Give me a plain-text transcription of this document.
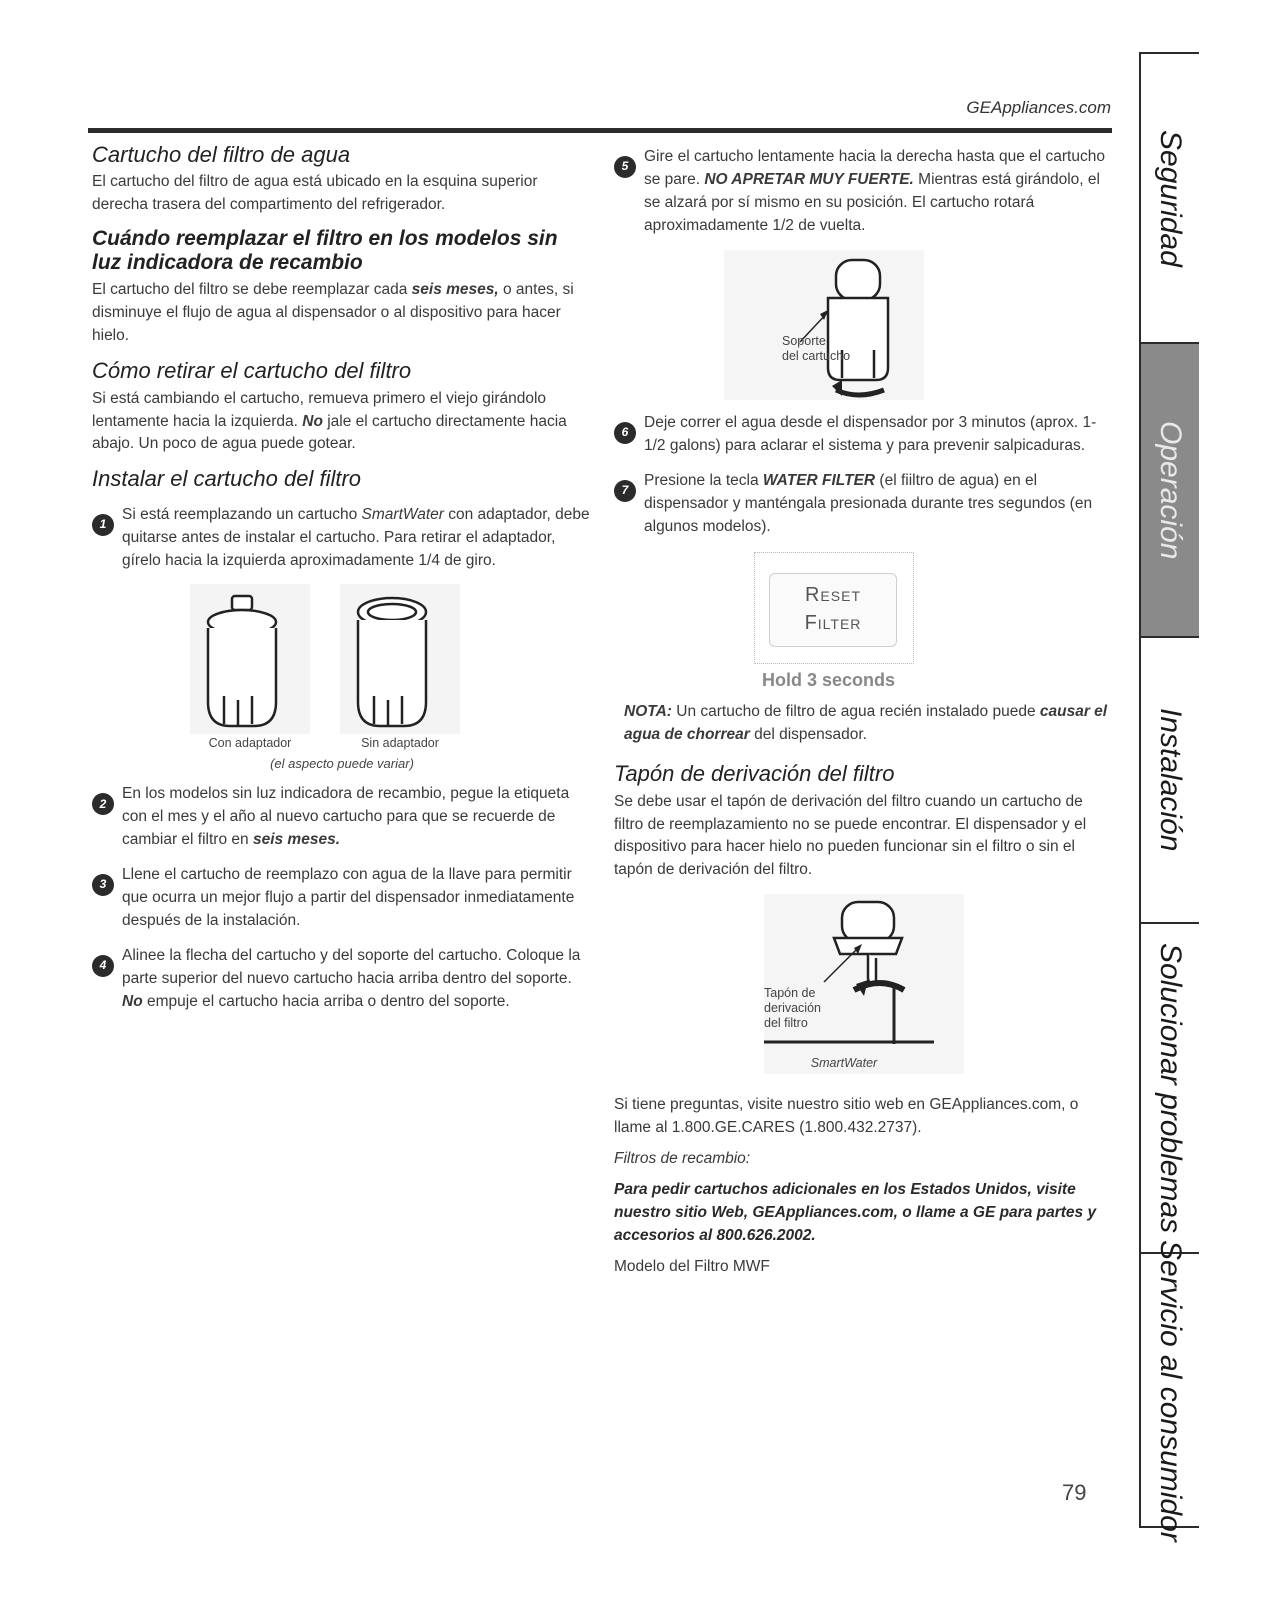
GEAppliances.com
Cartucho del filtro de agua

El cartucho del filtro de agua está ubicado en la esquina superior derecha trasera del compartimento del refrigerador.

Cuándo reemplazar el filtro en los modelos sin luz indicadora de recambio

El cartucho del filtro se debe reemplazar cada seis meses, o antes, si disminuye el flujo de agua al dispensador o al dispositivo para hacer hielo.

Cómo retirar el cartucho del filtro

Si está cambiando el cartucho, remueva primero el viejo girándolo lentamente hacia la izquierda. No jale el cartucho directamente hacia abajo. Un poco de agua puede gotear.

Instalar el cartucho del filtro
1
Si está reemplazando un cartucho SmartWater con adaptador, debe quitarse antes de instalar el cartucho. Para retirar el adaptador, gírelo hacia la izquierda aproximadamente 1/4 de giro.
Con adaptador	Sin adaptador
(el aspecto puede variar)
2
En los modelos sin luz indicadora de recambio, pegue la etiqueta con el mes y el año al nuevo cartucho para que se recuerde de cambiar el filtro en seis meses.
3
Llene el cartucho de reemplazo con agua de la llave para permitir que ocurra un mejor flujo a partir del dispensador inmediatamente después de la instalación.
4
Alinee la flecha del cartucho y del soporte del cartucho. Coloque la parte superior del nuevo cartucho hacia arriba dentro del soporte. No empuje el cartucho hacia arriba o dentro del soporte.
5
Gire el cartucho lentamente hacia la derecha hasta que el cartucho se pare. NO APRETAR MUY FUERTE. Mientras está girándolo, el se alzará por sí mismo en su posición. El cartucho rotará aproximadamente 1/2 de vuelta.
Soporte
del cartucho
6
Deje correr el agua desde el dispensador por 3 minutos (aprox. 1-1/2 galons) para aclarar el sistema y para prevenir salpicaduras.
7
Presione la tecla WATER FILTER (el fiiltro de agua) en el dispensador y manténgala presionada durante tres segundos (en algunos modelos).
Reset
Filter
Hold 3 seconds
NOTA: Un cartucho de filtro de agua recién instalado puede causar el agua de chorrear del dispensador.
Tapón de derivación del filtro

Se debe usar el tapón de derivación del filtro cuando un cartucho de filtro de reemplazamiento no se puede encontrar. El dispensador y el dispositivo para hacer hielo no pueden funcionar sin el filtro o sin el tapón de derivación del filtro.

Tapón de
derivación
del filtro
SmartWater

Si tiene preguntas, visite nuestro sitio web en GEAppliances.com, o llame al 1.800.GE.CARES (1.800.432.2737).

Filtros de recambio:

Para pedir cartuchos adicionales en los Estados Unidos, visite nuestro sitio Web, GEAppliances.com, o llame a GE para partes y accesorios al 800.626.2002.

Modelo del Filtro MWF

Seguridad
Operación
Instalación
Solucionar problemas
Servicio al consumidor
79
